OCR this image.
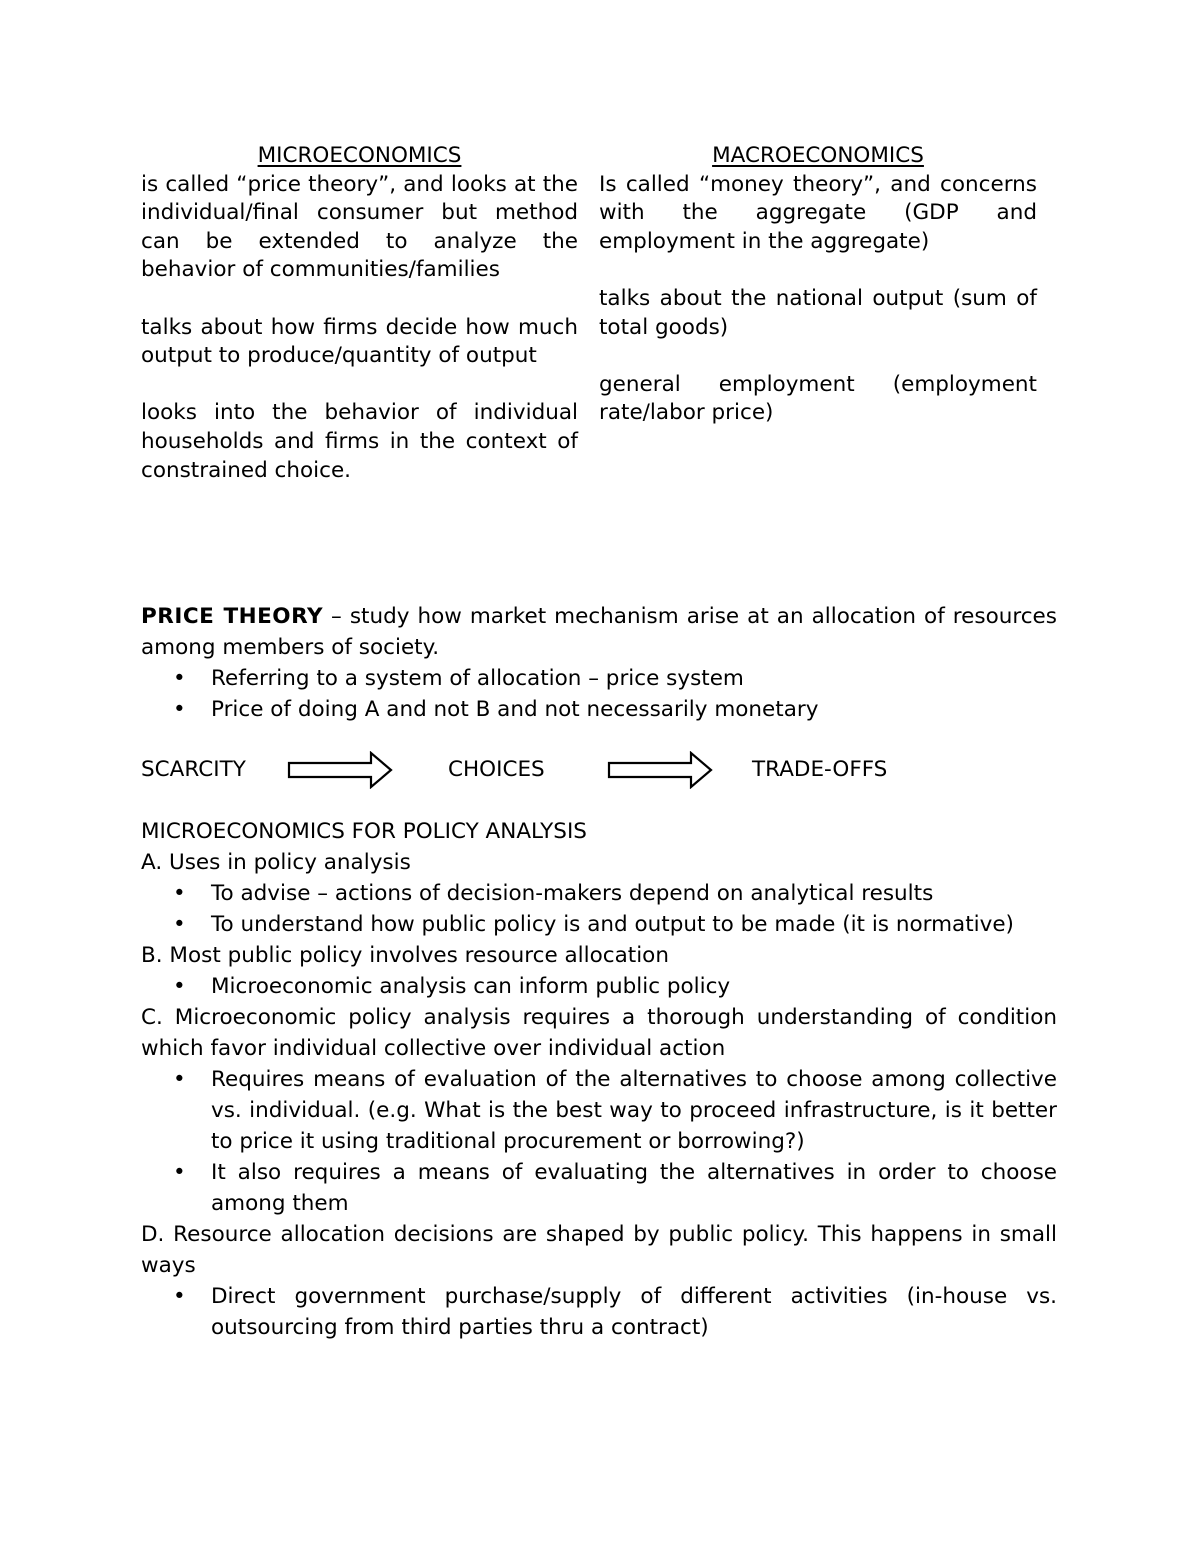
MICROECONOMICS

is called “price theory”, and looks at the individual/final consumer but method can be extended to analyze the behavior of communities/families

talks about how firms decide how much output to produce/quantity of output

looks into the behavior of individual households and firms in the context of constrained choice.

MACROECONOMICS

Is called “money theory”, and concerns with the aggregate (GDP and employment in the aggregate)

talks about the national output (sum of total goods)

general employment (employment rate/labor price)

PRICE THEORY – study how market mechanism arise at an allocation of resources among members of society.

• Referring to a system of allocation – price system
• Price of doing A and not B and not necessarily monetary
SCARCITY	CHOICES	TRADE-OFFS

MICROECONOMICS FOR POLICY ANALYSIS

A. Uses in policy analysis

• To advise – actions of decision-makers depend on analytical results
• To understand how public policy is and output to be made (it is normative)

B. Most public policy involves resource allocation

• Microeconomic analysis can inform public policy

C. Microeconomic policy analysis requires a thorough understanding of condition which favor individual collective over individual action

• Requires means of evaluation of the alternatives to choose among collective vs. individual. (e.g. What is the best way to proceed infrastructure, is it better to price it using traditional procurement or borrowing?)
• It also requires a means of evaluating the alternatives in order to choose among them

D. Resource allocation decisions are shaped by public policy. This happens in small ways

• Direct government purchase/supply of different activities (in-house vs. outsourcing from third parties thru a contract)
